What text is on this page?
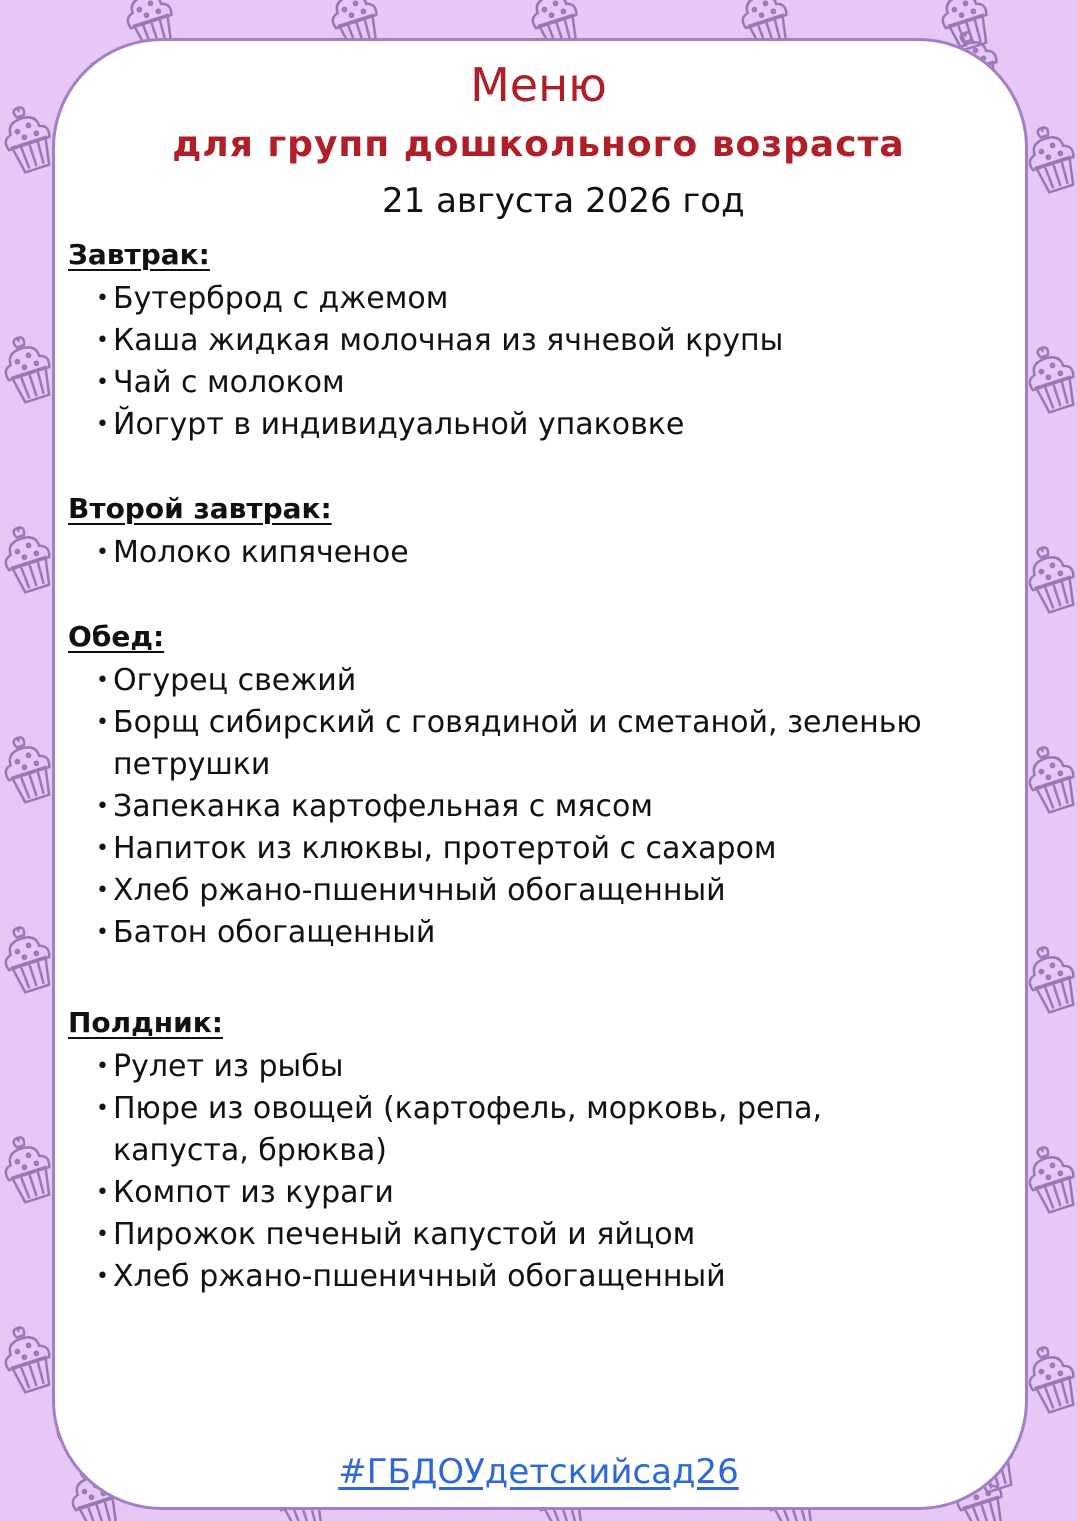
Меню
для групп дошкольного возраста
21 августа 2026 год
Завтрак:
• Бутерброд с джемом
• Каша жидкая молочная из ячневой крупы
• Чай с молоком
• Йогурт в индивидуальной упаковке
Второй завтрак:
• Молоко кипяченое
Обед:
• Огурец свежий
• Борщ сибирский с говядиной и сметаной, зеленью петрушки
• Запеканка картофельная с мясом
• Напиток из клюквы, протертой с сахаром
• Хлеб ржано-пшеничный обогащенный
• Батон обогащенный
Полдник:
• Рулет из рыбы
• Пюре из овощей (картофель, морковь, репа, капуста, брюква)
• Компот из кураги
• Пирожок печеный капустой и яйцом
• Хлеб ржано-пшеничный обогащенный
#ГБДОУдетскийсад26
